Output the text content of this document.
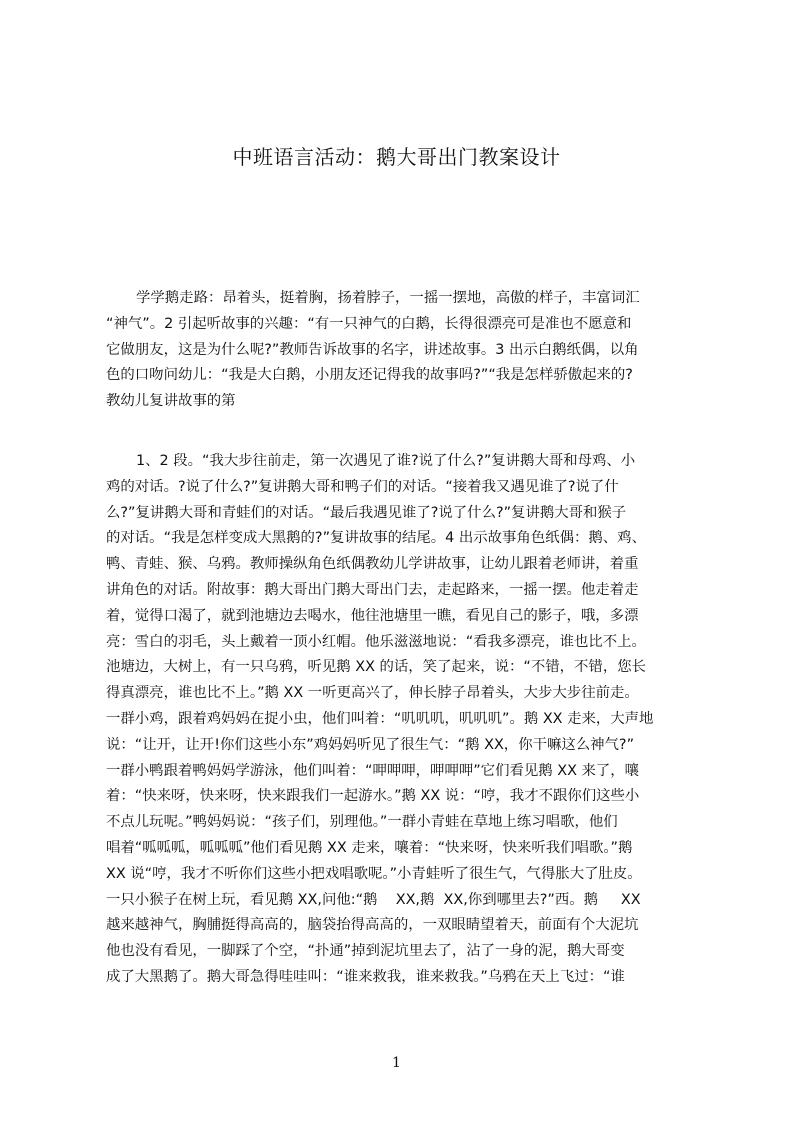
中班语言活动：鹅大哥出门教案设计
学学鹅走路：昂着头，挺着胸，扬着脖子，一摇一摆地，高傲的样子，丰富词汇
“神气”。2 引起听故事的兴趣：“有一只神气的白鹅，长得很漂亮可是准也不愿意和
它做朋友，这是为什么呢?”教师告诉故事的名字，讲述故事。3 出示白鹅纸偶，以角
色的口吻问幼儿：“我是大白鹅，小朋友还记得我的故事吗?”“我是怎样骄傲起来的?
教幼儿复讲故事的第
1、2 段。“我大步往前走，第一次遇见了谁?说了什么?”复讲鹅大哥和母鸡、小
鸡的对话。?说了什么?”复讲鹅大哥和鸭子们的对话。“接着我又遇见谁了?说了什
么?”复讲鹅大哥和青蛙们的对话。“最后我遇见谁了?说了什么?”复讲鹅大哥和猴子
的对话。“我是怎样变成大黑鹅的?”复讲故事的结尾。4 出示故事角色纸偶：鹅、鸡、
鸭、青蛙、猴、乌鸦。教师操纵角色纸偶教幼儿学讲故事，让幼儿跟着老师讲，着重
讲角色的对话。附故事：鹅大哥出门鹅大哥出门去，走起路来，一摇一摆。他走着走
着，觉得口渴了，就到池塘边去喝水，他往池塘里一瞧，看见自己的影子，哦，多漂
亮：雪白的羽毛，头上戴着一顶小红帽。他乐滋滋地说：“看我多漂亮，谁也比不上。
池塘边，大树上，有一只乌鸦，听见鹅 XX 的话，笑了起来，说：“不错，不错，您长
得真漂亮，谁也比不上。”鹅 XX 一听更高兴了，伸长脖子昂着头，大步大步往前走。
一群小鸡，跟着鸡妈妈在捉小虫，他们叫着：“叽叽叽，叽叽叽”。鹅 XX 走来，大声地
说：“让开，让开!你们这些小东”鸡妈妈听见了很生气：“鹅 XX，你干嘛这么神气?”
一群小鸭跟着鸭妈妈学游泳，他们叫着：“呷呷呷，呷呷呷”它们看见鹅 XX 来了，嚷
着：“快来呀，快来呀，快来跟我们一起游水。”鹅 XX 说：“哼，我才不跟你们这些小
不点儿玩呢。”鸭妈妈说：“孩子们，别理他。”一群小青蛙在草地上练习唱歌，他们
唱着“呱呱呱，呱呱呱”他们看见鹅 XX 走来，嚷着：“快来呀，快来听我们唱歌。”鹅
XX 说“哼，我才不听你们这些小把戏唱歌呢。”小青蛙听了很生气，气得胀大了肚皮。
一只小猴子在树上玩，看见鹅 XX,问他:“鹅    XX,鹅  XX,你到哪里去?”西。鹅     XX
越来越神气，胸脯挺得高高的，脑袋抬得高高的，一双眼睛望着天，前面有个大泥坑
他也没有看见，一脚踩了个空，“扑通”掉到泥坑里去了，沾了一身的泥，鹅大哥变
成了大黑鹅了。鹅大哥急得哇哇叫：“谁来救我，谁来救我。”乌鸦在天上飞过：“谁
1
